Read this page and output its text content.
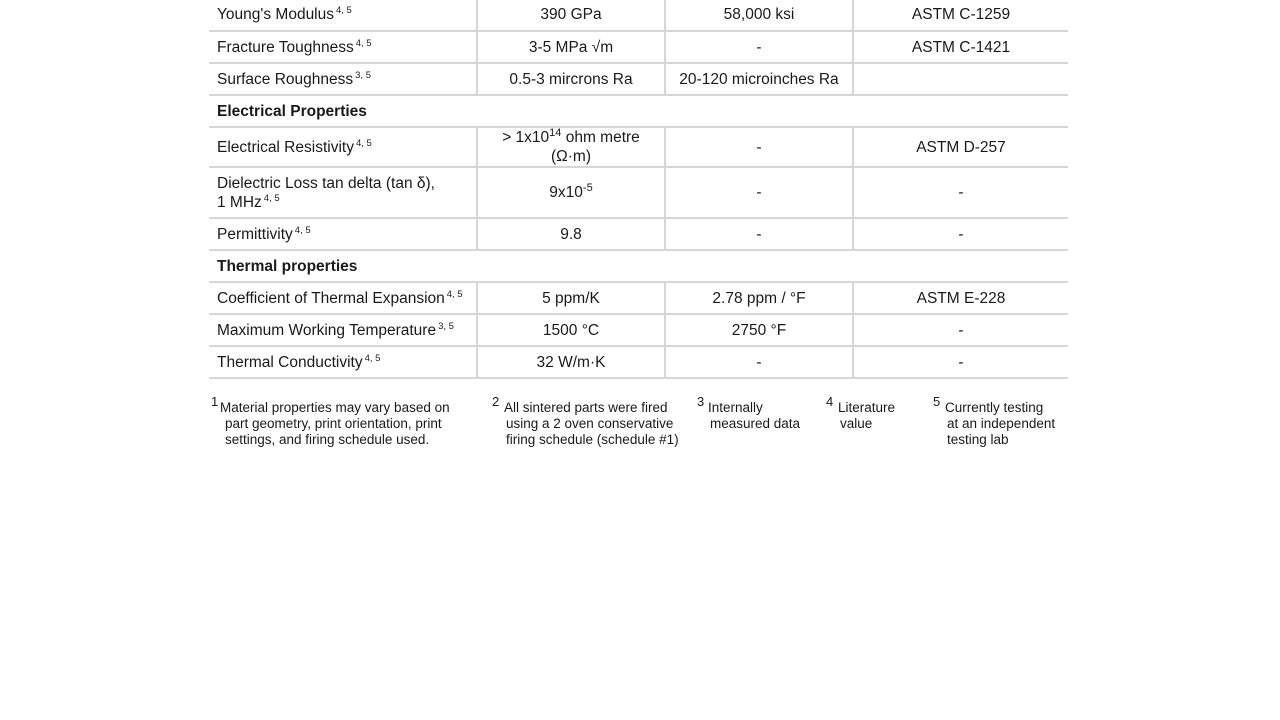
Young's Modulus $^{4, 5}$	390 GPa	58,000 ksi	ASTM C-1259
Fracture Toughness $^{4, 5}$	3-5 MPa √m	-	ASTM C-1421
Surface Roughness $^{3, 5}$	0.5-3 mircrons Ra	20-120 microinches Ra	
Electrical Properties			
Electrical Resistivity $^{4, 5}$	> $1x10^{14}$ ohm metre (Ω·m)	-	ASTM D-257
Dielectric Loss tan delta (tan δ),
1 MHz $^{4, 5}$	$9x10^{-5}$	-	-
Permittivity $^{4, 5}$	9.8	-	-
Thermal properties			
Coefficient of Thermal Expansion $^{4, 5}$	5 ppm/K	2.78 ppm / °F	ASTM E-228
Maximum Working Temperature $^{3, 5}$	1500 °C	2750 °F	-
Thermal Conductivity $^{4, 5}$	32 W/m·K	-	-
1 Material properties may vary based on
part geometry, print orientation, print
settings, and firing schedule used.
2 All sintered parts were fired
using a 2 oven conservative
firing schedule (schedule #1)
3 Internally
measured data
4 Literature
value
5 Currently testing
at an independent
testing lab
